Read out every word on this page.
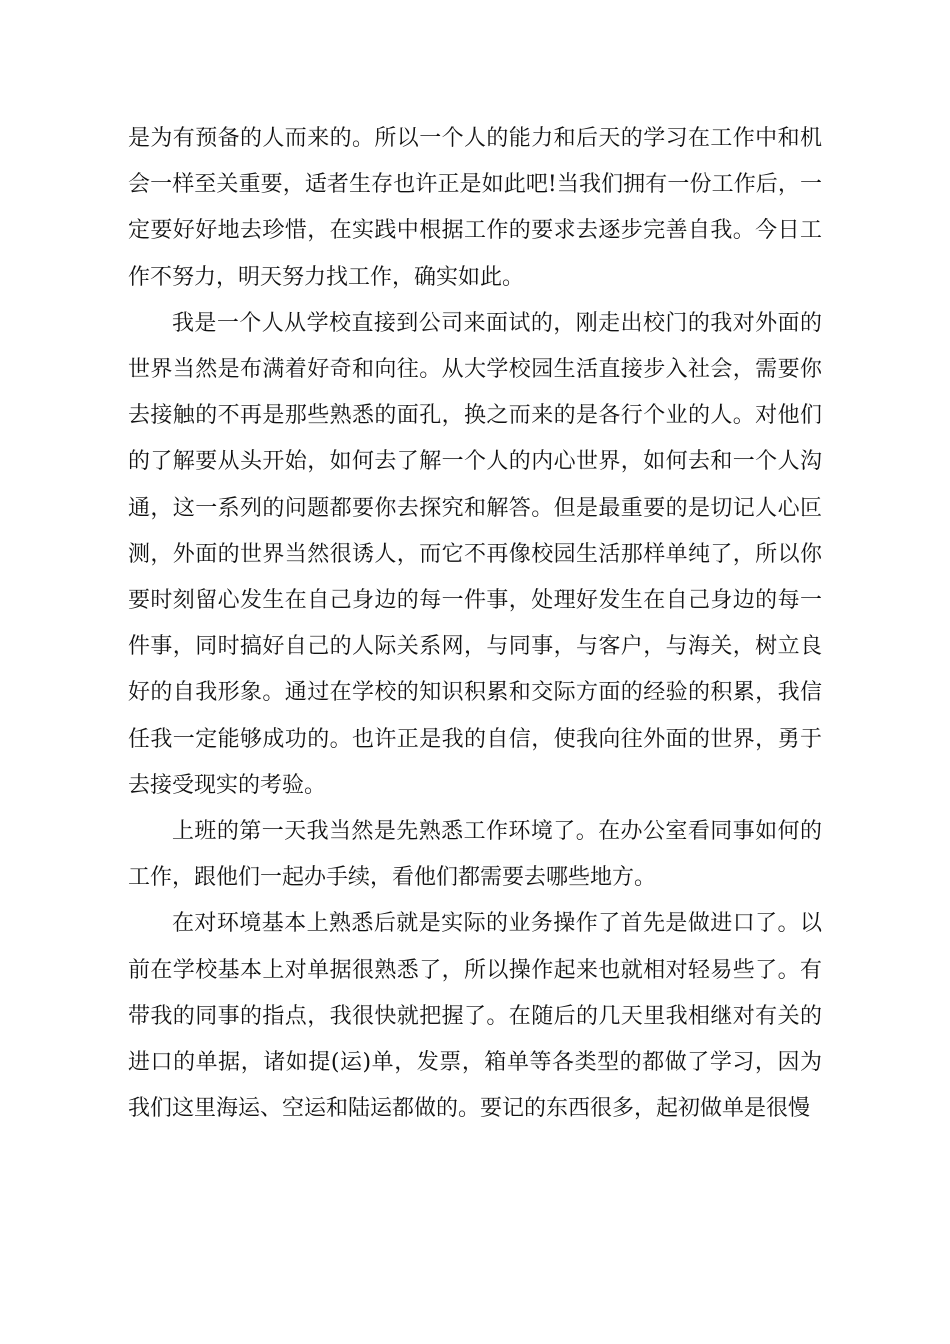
是为有预备的人而来的。所以一个人的能力和后天的学习在工作中和机会一样至关重要，适者生存也许正是如此吧!当我们拥有一份工作后，一定要好好地去珍惜，在实践中根据工作的要求去逐步完善自我。今日工作不努力，明天努力找工作，确实如此。

我是一个人从学校直接到公司来面试的，刚走出校门的我对外面的世界当然是布满着好奇和向往。从大学校园生活直接步入社会，需要你去接触的不再是那些熟悉的面孔，换之而来的是各行个业的人。对他们的了解要从头开始，如何去了解一个人的内心世界，如何去和一个人沟通，这一系列的问题都要你去探究和解答。但是最重要的是切记人心叵测，外面的世界当然很诱人，而它不再像校园生活那样单纯了，所以你要时刻留心发生在自己身边的每一件事，处理好发生在自己身边的每一件事，同时搞好自己的人际关系网，与同事，与客户，与海关，树立良好的自我形象。通过在学校的知识积累和交际方面的经验的积累，我信任我一定能够成功的。也许正是我的自信，使我向往外面的世界，勇于去接受现实的考验。

上班的第一天我当然是先熟悉工作环境了。在办公室看同事如何的工作，跟他们一起办手续，看他们都需要去哪些地方。

在对环境基本上熟悉后就是实际的业务操作了首先是做进口了。以前在学校基本上对单据很熟悉了，所以操作起来也就相对轻易些了。有带我的同事的指点，我很快就把握了。在随后的几天里我相继对有关的进口的单据，诸如提(运)单，发票，箱单等各类型的都做了学习，因为我们这里海运、空运和陆运都做的。要记的东西很多，起初做单是很慢
